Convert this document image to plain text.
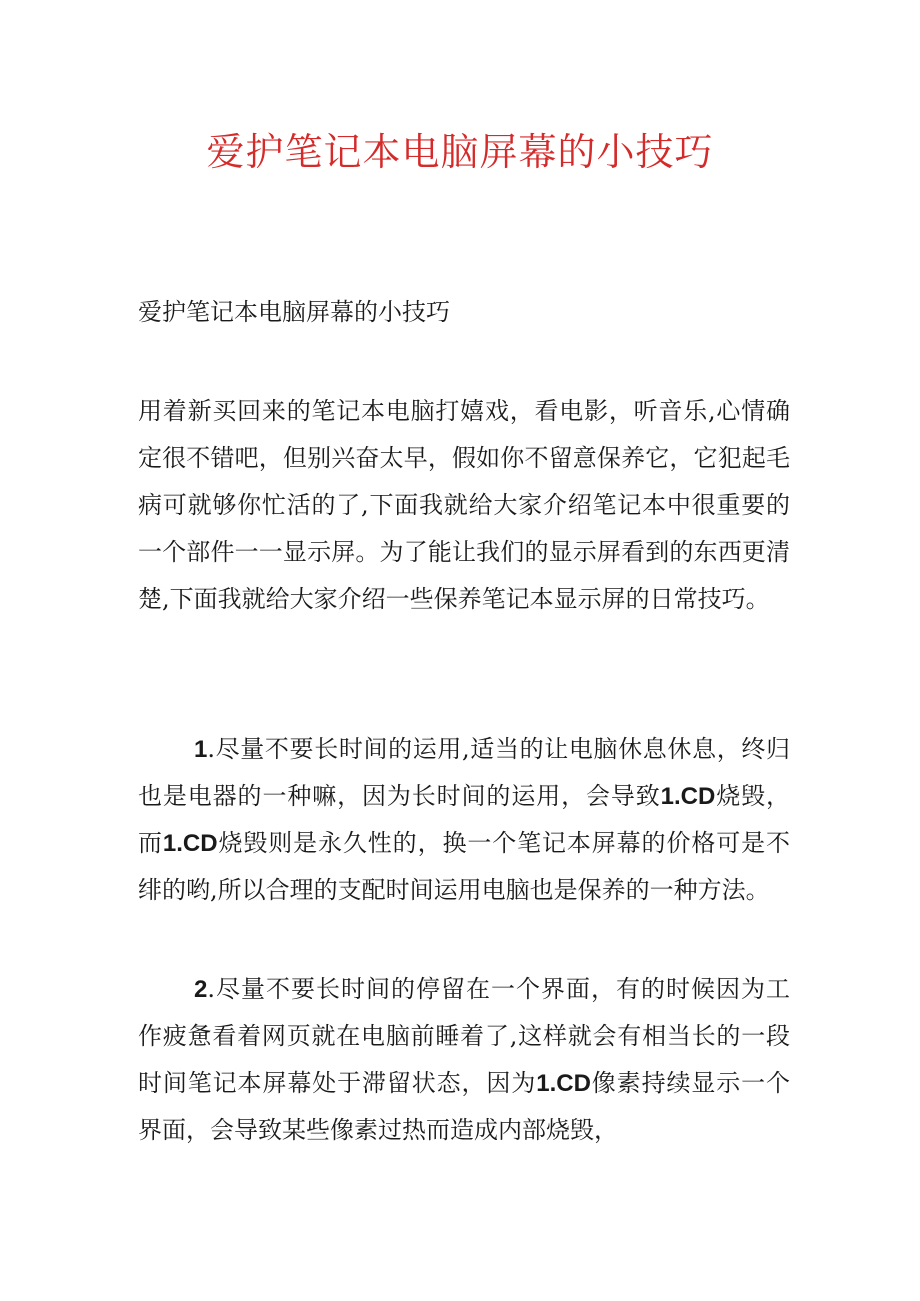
爱护笔记本电脑屏幕的小技巧

爱护笔记本电脑屏幕的小技巧

用着新买回来的笔记本电脑打嬉戏，看电影，听音乐,心情确定很不错吧，但别兴奋太早，假如你不留意保养它，它犯起毛病可就够你忙活的了,下面我就给大家介绍笔记本中很重要的一个部件一一显示屏。为了能让我们的显示屏看到的东西更清楚,下面我就给大家介绍一些保养笔记本显示屏的日常技巧。

1.尽量不要长时间的运用,适当的让电脑休息休息，终归也是电器的一种嘛，因为长时间的运用，会导致1.CD烧毁，而1.CD烧毁则是永久性的，换一个笔记本屏幕的价格可是不绯的哟,所以合理的支配时间运用电脑也是保养的一种方法。

2.尽量不要长时间的停留在一个界面，有的时候因为工作疲惫看着网页就在电脑前睡着了,这样就会有相当长的一段时间笔记本屏幕处于滞留状态，因为1.CD像素持续显示一个界面，会导致某些像素过热而造成内部烧毁，
